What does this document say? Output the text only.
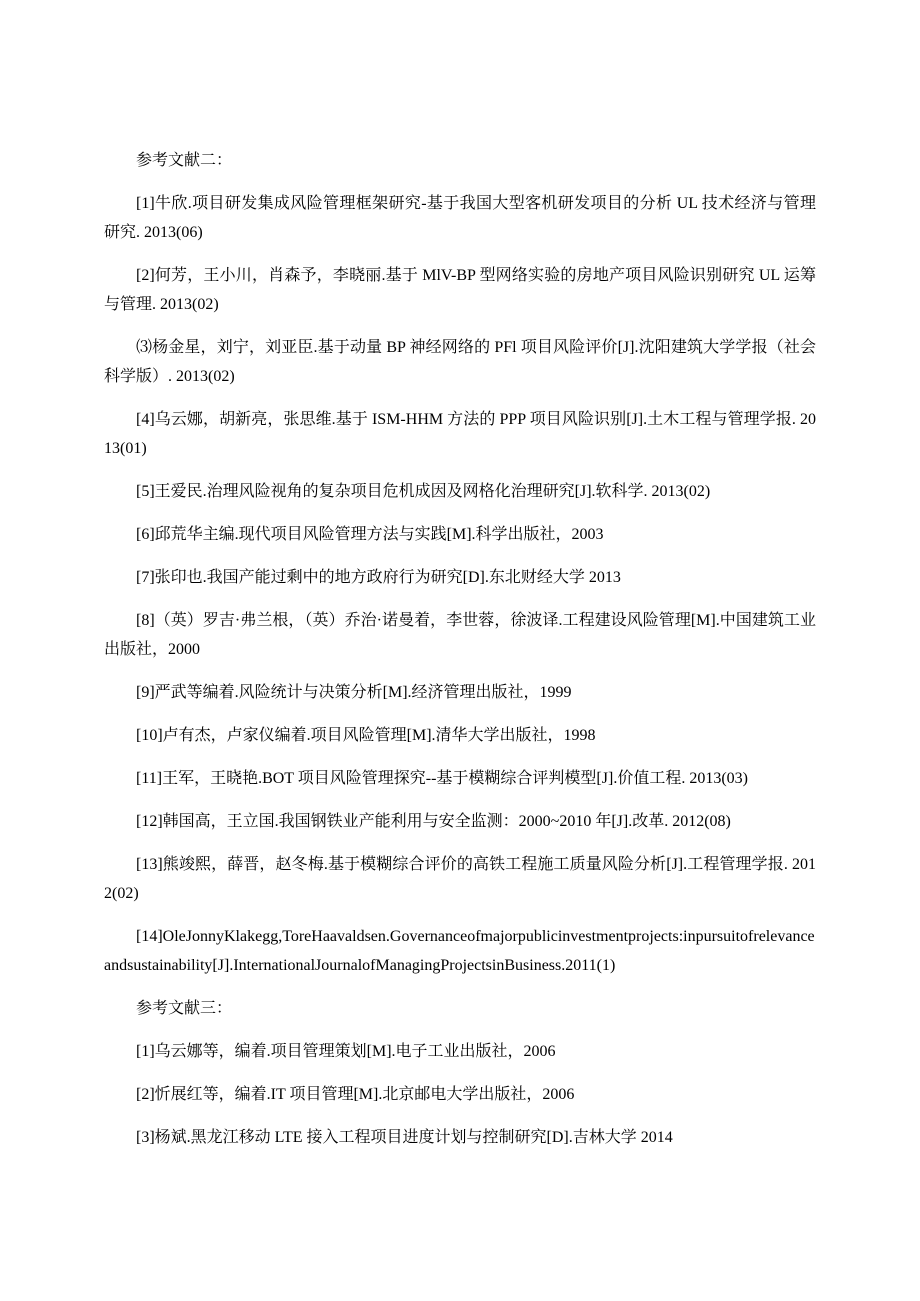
参考文献二：

[1]牛欣.项目研发集成风险管理框架研究-基于我国大型客机研发项目的分析 UL 技术经济与管理研究. 2013(06)

[2]何芳，王小川，肖森予，李晓丽.基于 MlV-BP 型网络实验的房地产项目风险识别研究 UL 运筹与管理. 2013(02)

⑶杨金星，刘宁，刘亚臣.基于动量 BP 神经网络的 PFl 项目风险评价[J].沈阳建筑大学学报（社会科学版）. 2013(02)

[4]乌云娜，胡新亮，张思维.基于 ISM-HHM 方法的 PPP 项目风险识别[J].土木工程与管理学报. 2013(01)

[5]王爱民.治理风险视角的复杂项目危机成因及网格化治理研究[J].软科学. 2013(02)

[6]邱荒华主编.现代项目风险管理方法与实践[M].科学出版社，2003

[7]张印也.我国产能过剩中的地方政府行为研究[D].东北财经大学 2013

[8]（英）罗吉·弗兰根，（英）乔治·诺曼着，李世蓉，徐波译.工程建设风险管理[M].中国建筑工业出版社，2000

[9]严武等编着.风险统计与决策分析[M].经济管理出版社，1999

[10]卢有杰，卢家仪编着.项目风险管理[M].清华大学出版社，1998

[11]王军，王晓艳.BOT 项目风险管理探究--基于模糊综合评判模型[J].价值工程. 2013(03)

[12]韩国高，王立国.我国钢铁业产能利用与安全监测：2000~2010 年[J].改革. 2012(08)

[13]熊竣熙，薛晋，赵冬梅.基于模糊综合评价的高铁工程施工质量风险分析[J].工程管理学报. 2012(02)

[14]OleJonnyKlakegg,ToreHaavaldsen.Governanceofmajorpublicinvestmentprojects:inpursuitofrelevanceandsustainability[J].InternationalJournalofManagingProjectsinBusiness.2011(1)

参考文献三：

[1]乌云娜等，编着.项目管理策划[M].电子工业出版社，2006

[2]忻展红等，编着.IT 项目管理[M].北京邮电大学出版社，2006

[3]杨斌.黑龙江移动 LTE 接入工程项目进度计划与控制研究[D].吉林大学 2014
